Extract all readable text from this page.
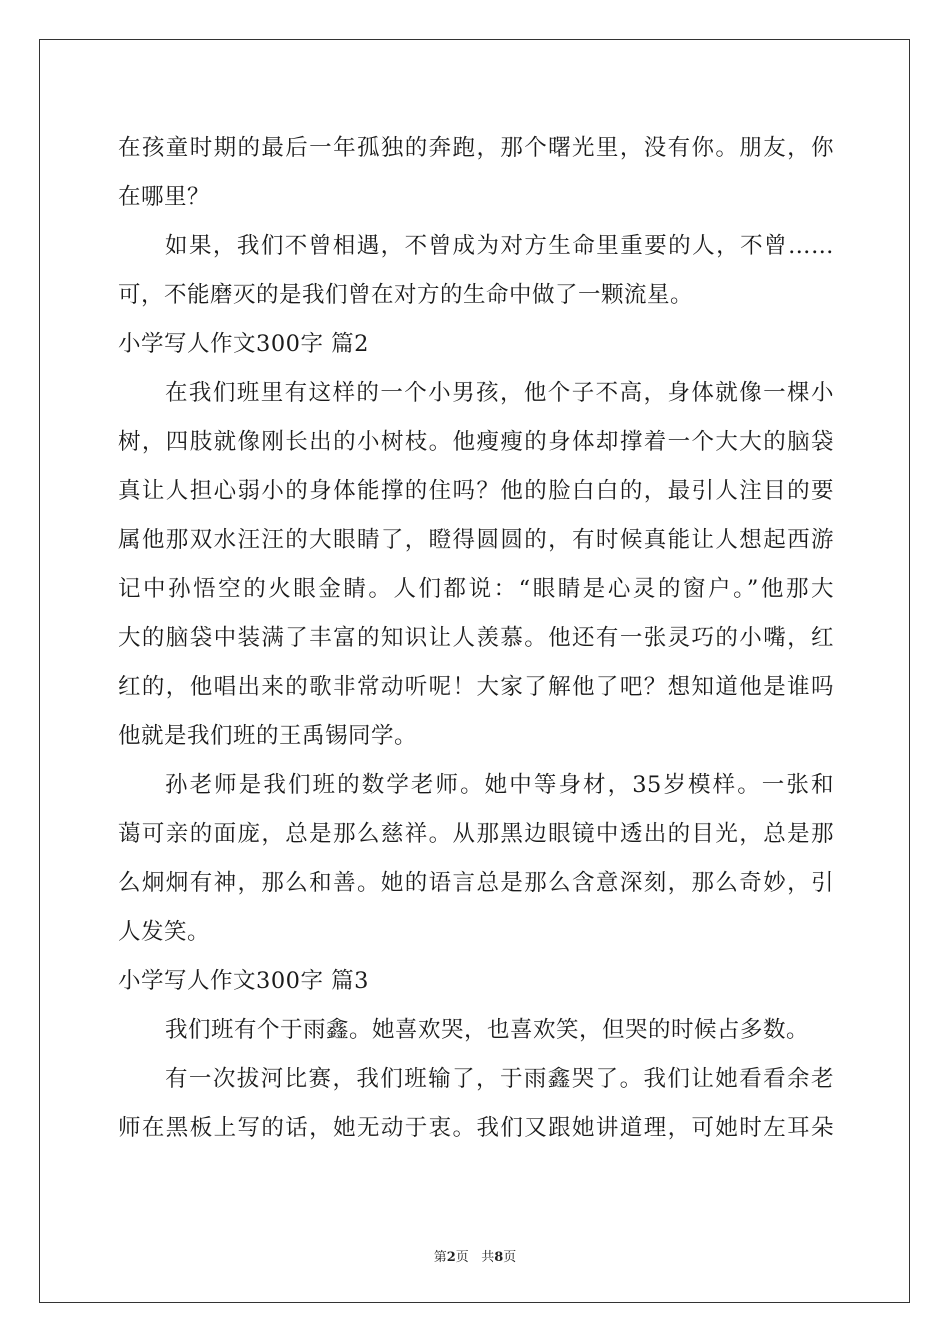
在孩童时期的最后一年孤独的奔跑，那个曙光里，没有你。朋友，你
在哪里？
如果，我们不曾相遇，不曾成为对方生命里重要的人，不曾……
可，不能磨灭的是我们曾在对方的生命中做了一颗流星。
小学写人作文300字 篇2
在我们班里有这样的一个小男孩，他个子不高，身体就像一棵小
树，四肢就像刚长出的小树枝。他瘦瘦的身体却撑着一个大大的脑袋
真让人担心弱小的身体能撑的住吗？他的脸白白的，最引人注目的要
属他那双水汪汪的大眼睛了，瞪得圆圆的，有时候真能让人想起西游
记中孙悟空的火眼金睛。人们都说：“眼睛是心灵的窗户。”他那大
大的脑袋中装满了丰富的知识让人羡慕。他还有一张灵巧的小嘴，红
红的，他唱出来的歌非常动听呢！大家了解他了吧？想知道他是谁吗
他就是我们班的王禹锡同学。
孙老师是我们班的数学老师。她中等身材，35岁模样。一张和
蔼可亲的面庞，总是那么慈祥。从那黑边眼镜中透出的目光，总是那
么炯炯有神，那么和善。她的语言总是那么含意深刻，那么奇妙，引
人发笑。
小学写人作文300字 篇3
我们班有个于雨鑫。她喜欢哭，也喜欢笑，但哭的时候占多数。
有一次拔河比赛，我们班输了，于雨鑫哭了。我们让她看看余老
师在黑板上写的话，她无动于衷。我们又跟她讲道理，可她时左耳朵
第2页 共8页
